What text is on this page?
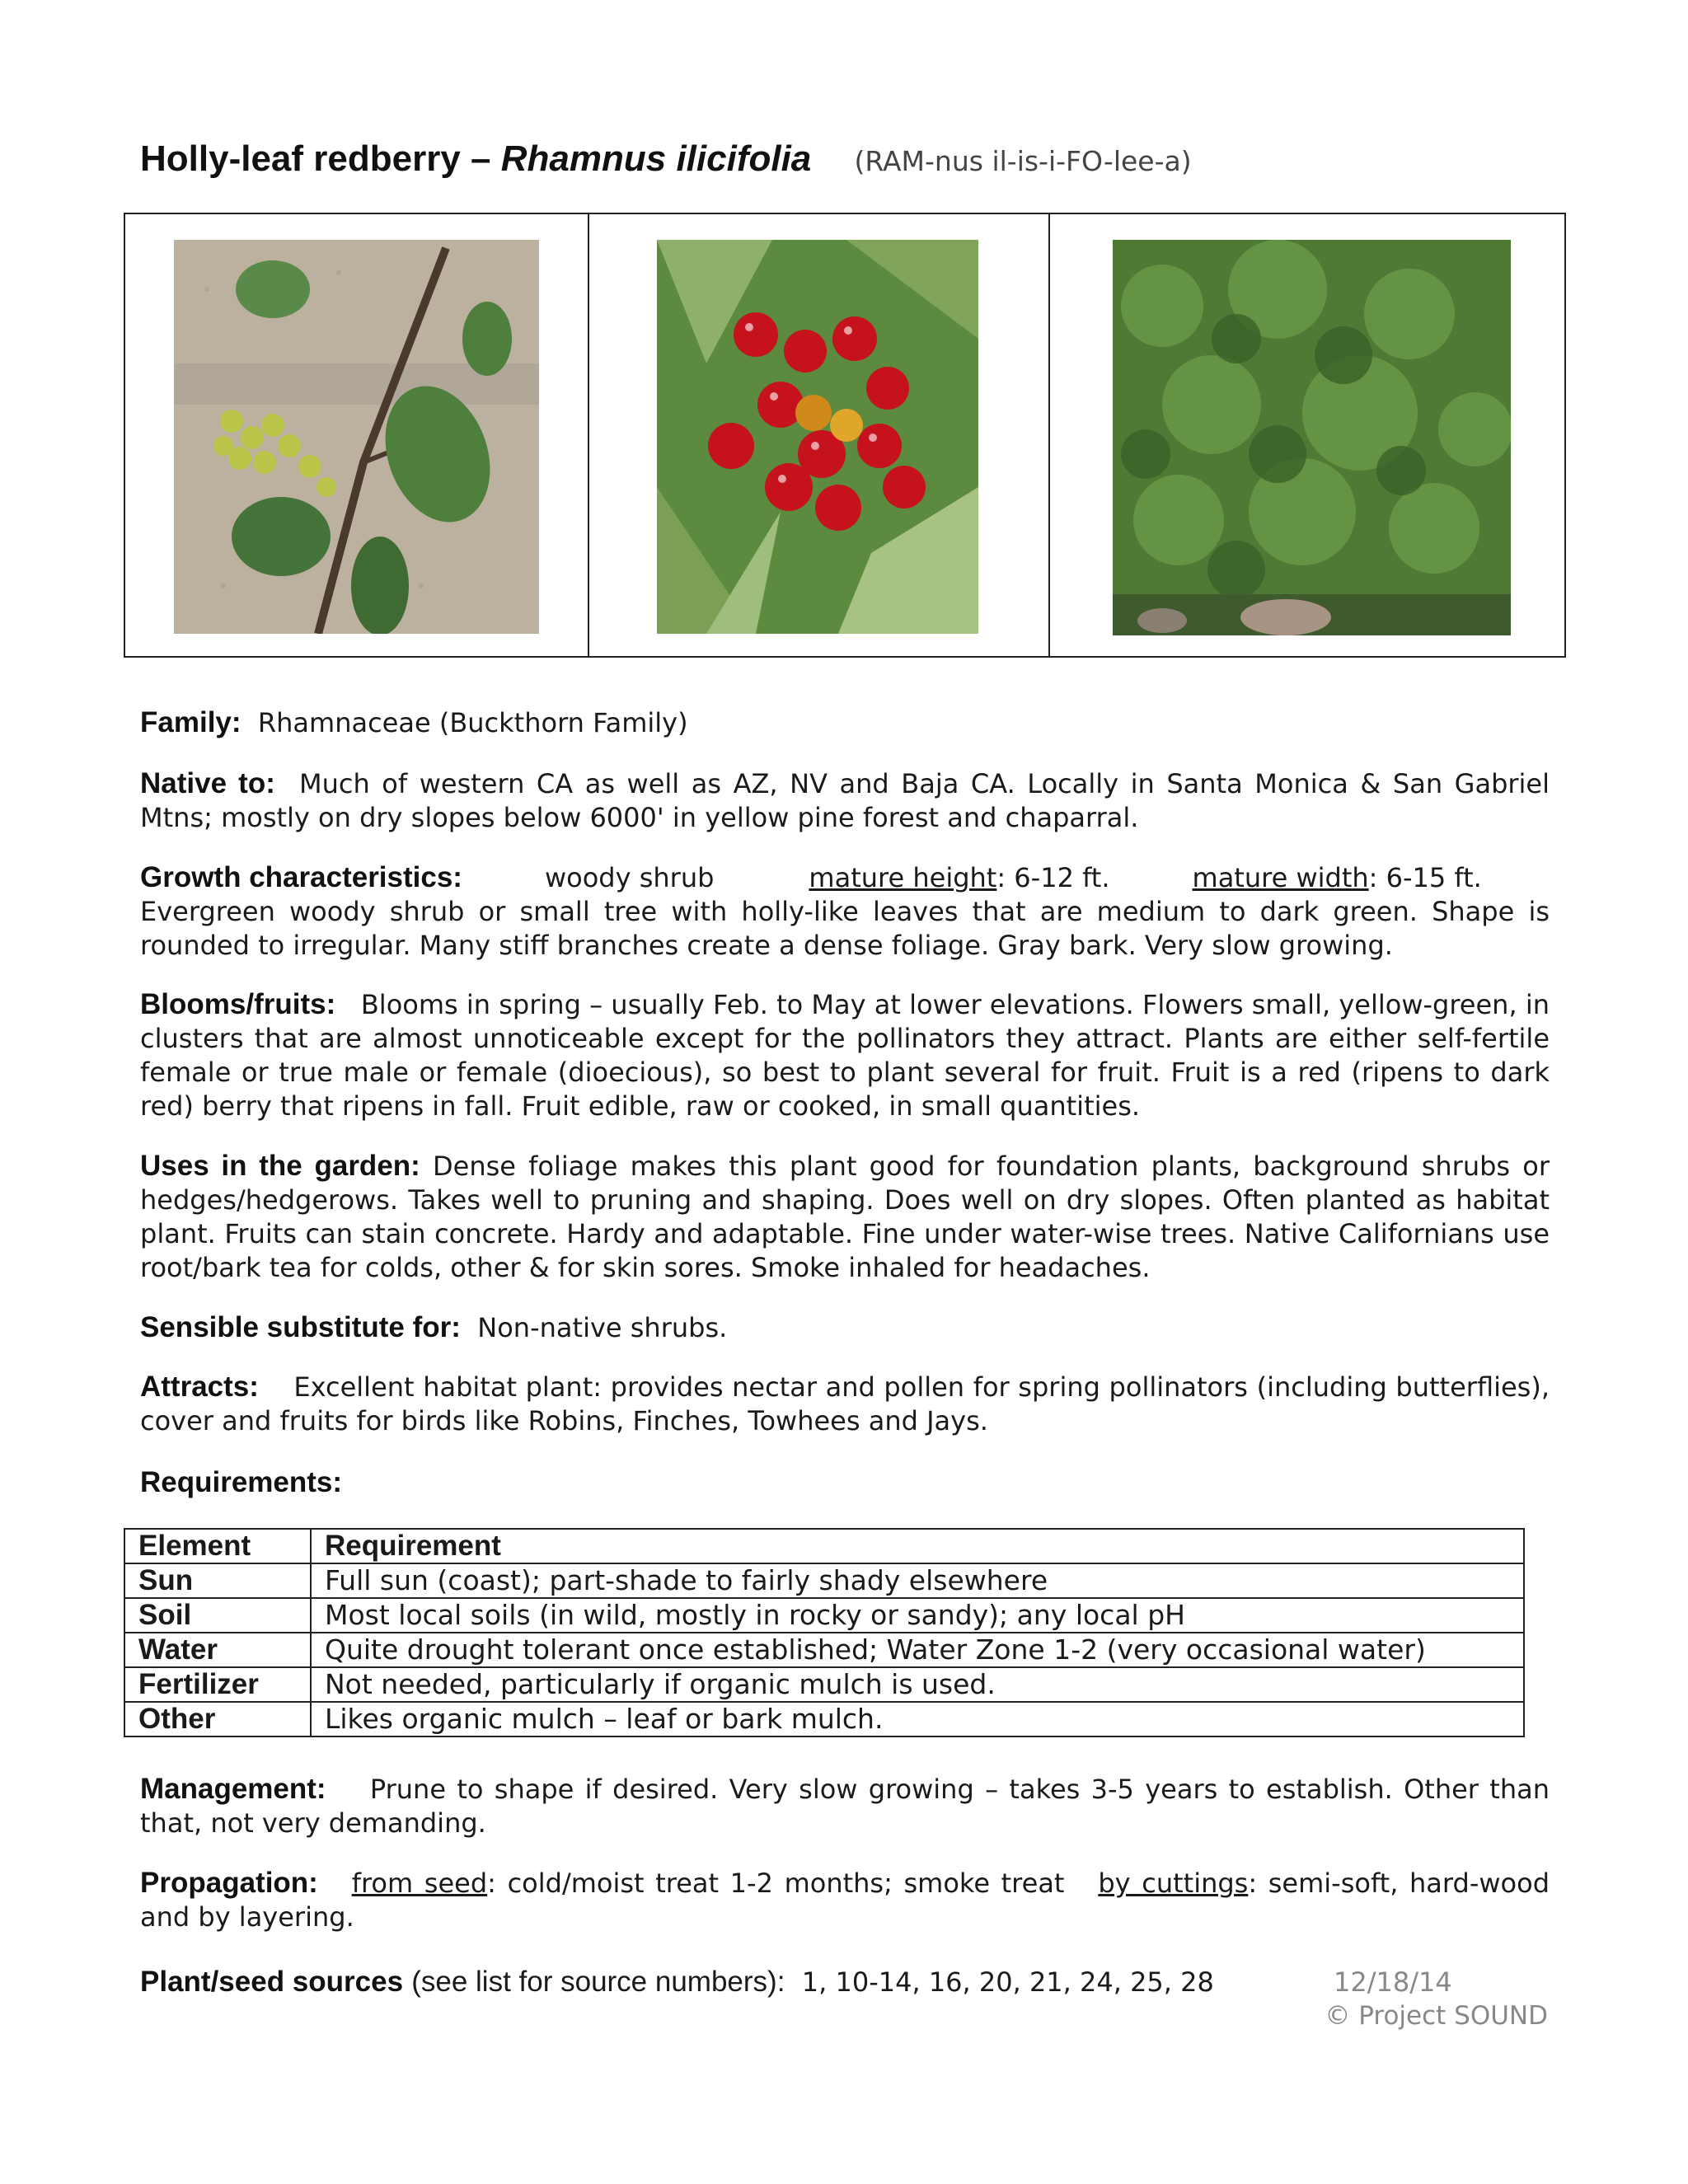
Holly-leaf redberry – Rhamnus ilicifolia (RAM-nus il-is-i-FO-lee-a)

Family: Rhamnaceae (Buckthorn Family)

Native to: Much of western CA as well as AZ, NV and Baja CA. Locally in Santa Monica & San Gabriel Mtns; mostly on dry slopes below 6000' in yellow pine forest and chaparral.

Growth characteristics:	woody shrub	mature height : 6-12 ft.	mature width : 6-15 ft.
Evergreen woody shrub or small tree with holly-like leaves that are medium to dark green. Shape is rounded to irregular. Many stiff branches create a dense foliage. Gray bark. Very slow growing.

Blooms/fruits: Blooms in spring – usually Feb. to May at lower elevations. Flowers small, yellow-green, in clusters that are almost unnoticeable except for the pollinators they attract. Plants are either self-fertile female or true male or female (dioecious), so best to plant several for fruit. Fruit is a red (ripens to dark red) berry that ripens in fall. Fruit edible, raw or cooked, in small quantities.

Uses in the garden: Dense foliage makes this plant good for foundation plants, background shrubs or hedges/hedgerows. Takes well to pruning and shaping. Does well on dry slopes. Often planted as habitat plant. Fruits can stain concrete. Hardy and adaptable. Fine under water-wise trees. Native Californians use root/bark tea for colds, other & for skin sores. Smoke inhaled for headaches.

Sensible substitute for: Non-native shrubs.

Attracts: Excellent habitat plant: provides nectar and pollen for spring pollinators (including butterflies), cover and fruits for birds like Robins, Finches, Towhees and Jays.

Requirements:

Element	Requirement
Sun	Full sun (coast); part-shade to fairly shady elsewhere
Soil	Most local soils (in wild, mostly in rocky or sandy); any local pH
Water	Quite drought tolerant once established; Water Zone 1-2 (very occasional water)
Fertilizer	Not needed, particularly if organic mulch is used.
Other	Likes organic mulch – leaf or bark mulch.

Management: Prune to shape if desired. Very slow growing – takes 3-5 years to establish. Other than that, not very demanding.

Propagation: from seed: cold/moist treat 1-2 months; smoke treat by cuttings: semi-soft, hard-wood and by layering.

Plant/seed sources (see list for source numbers): 1, 10-14, 16, 20, 21, 24, 25, 28	12/18/14
© Project SOUND
